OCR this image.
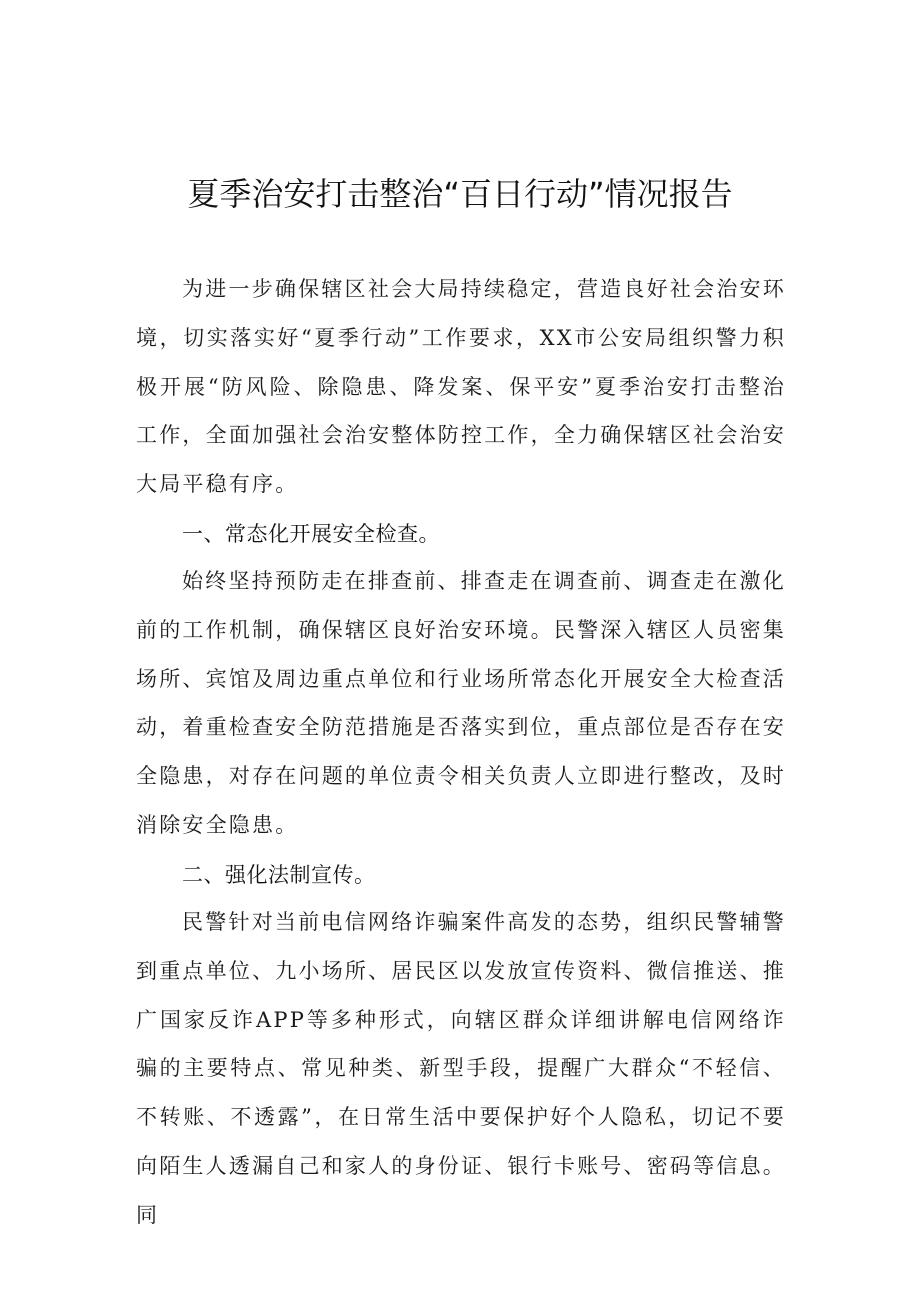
夏季治安打击整治“百日行动”情况报告

为进一步确保辖区社会大局持续稳定，营造良好社会治安环境，切实落实好“夏季行动”工作要求，XX市公安局组织警力积极开展“防风险、除隐患、降发案、保平安”夏季治安打击整治工作，全面加强社会治安整体防控工作，全力确保辖区社会治安大局平稳有序。

一、常态化开展安全检查。

始终坚持预防走在排查前、排查走在调查前、调查走在激化前的工作机制，确保辖区良好治安环境。民警深入辖区人员密集场所、宾馆及周边重点单位和行业场所常态化开展安全大检查活动，着重检查安全防范措施是否落实到位，重点部位是否存在安全隐患，对存在问题的单位责令相关负责人立即进行整改，及时消除安全隐患。

二、强化法制宣传。

民警针对当前电信网络诈骗案件高发的态势，组织民警辅警到重点单位、九小场所、居民区以发放宣传资料、微信推送、推广国家反诈APP等多种形式，向辖区群众详细讲解电信网络诈骗的主要特点、常见种类、新型手段，提醒广大群众“不轻信、不转账、不透露”，在日常生活中要保护好个人隐私，切记不要向陌生人透漏自己和家人的身份证、银行卡账号、密码等信息。同
